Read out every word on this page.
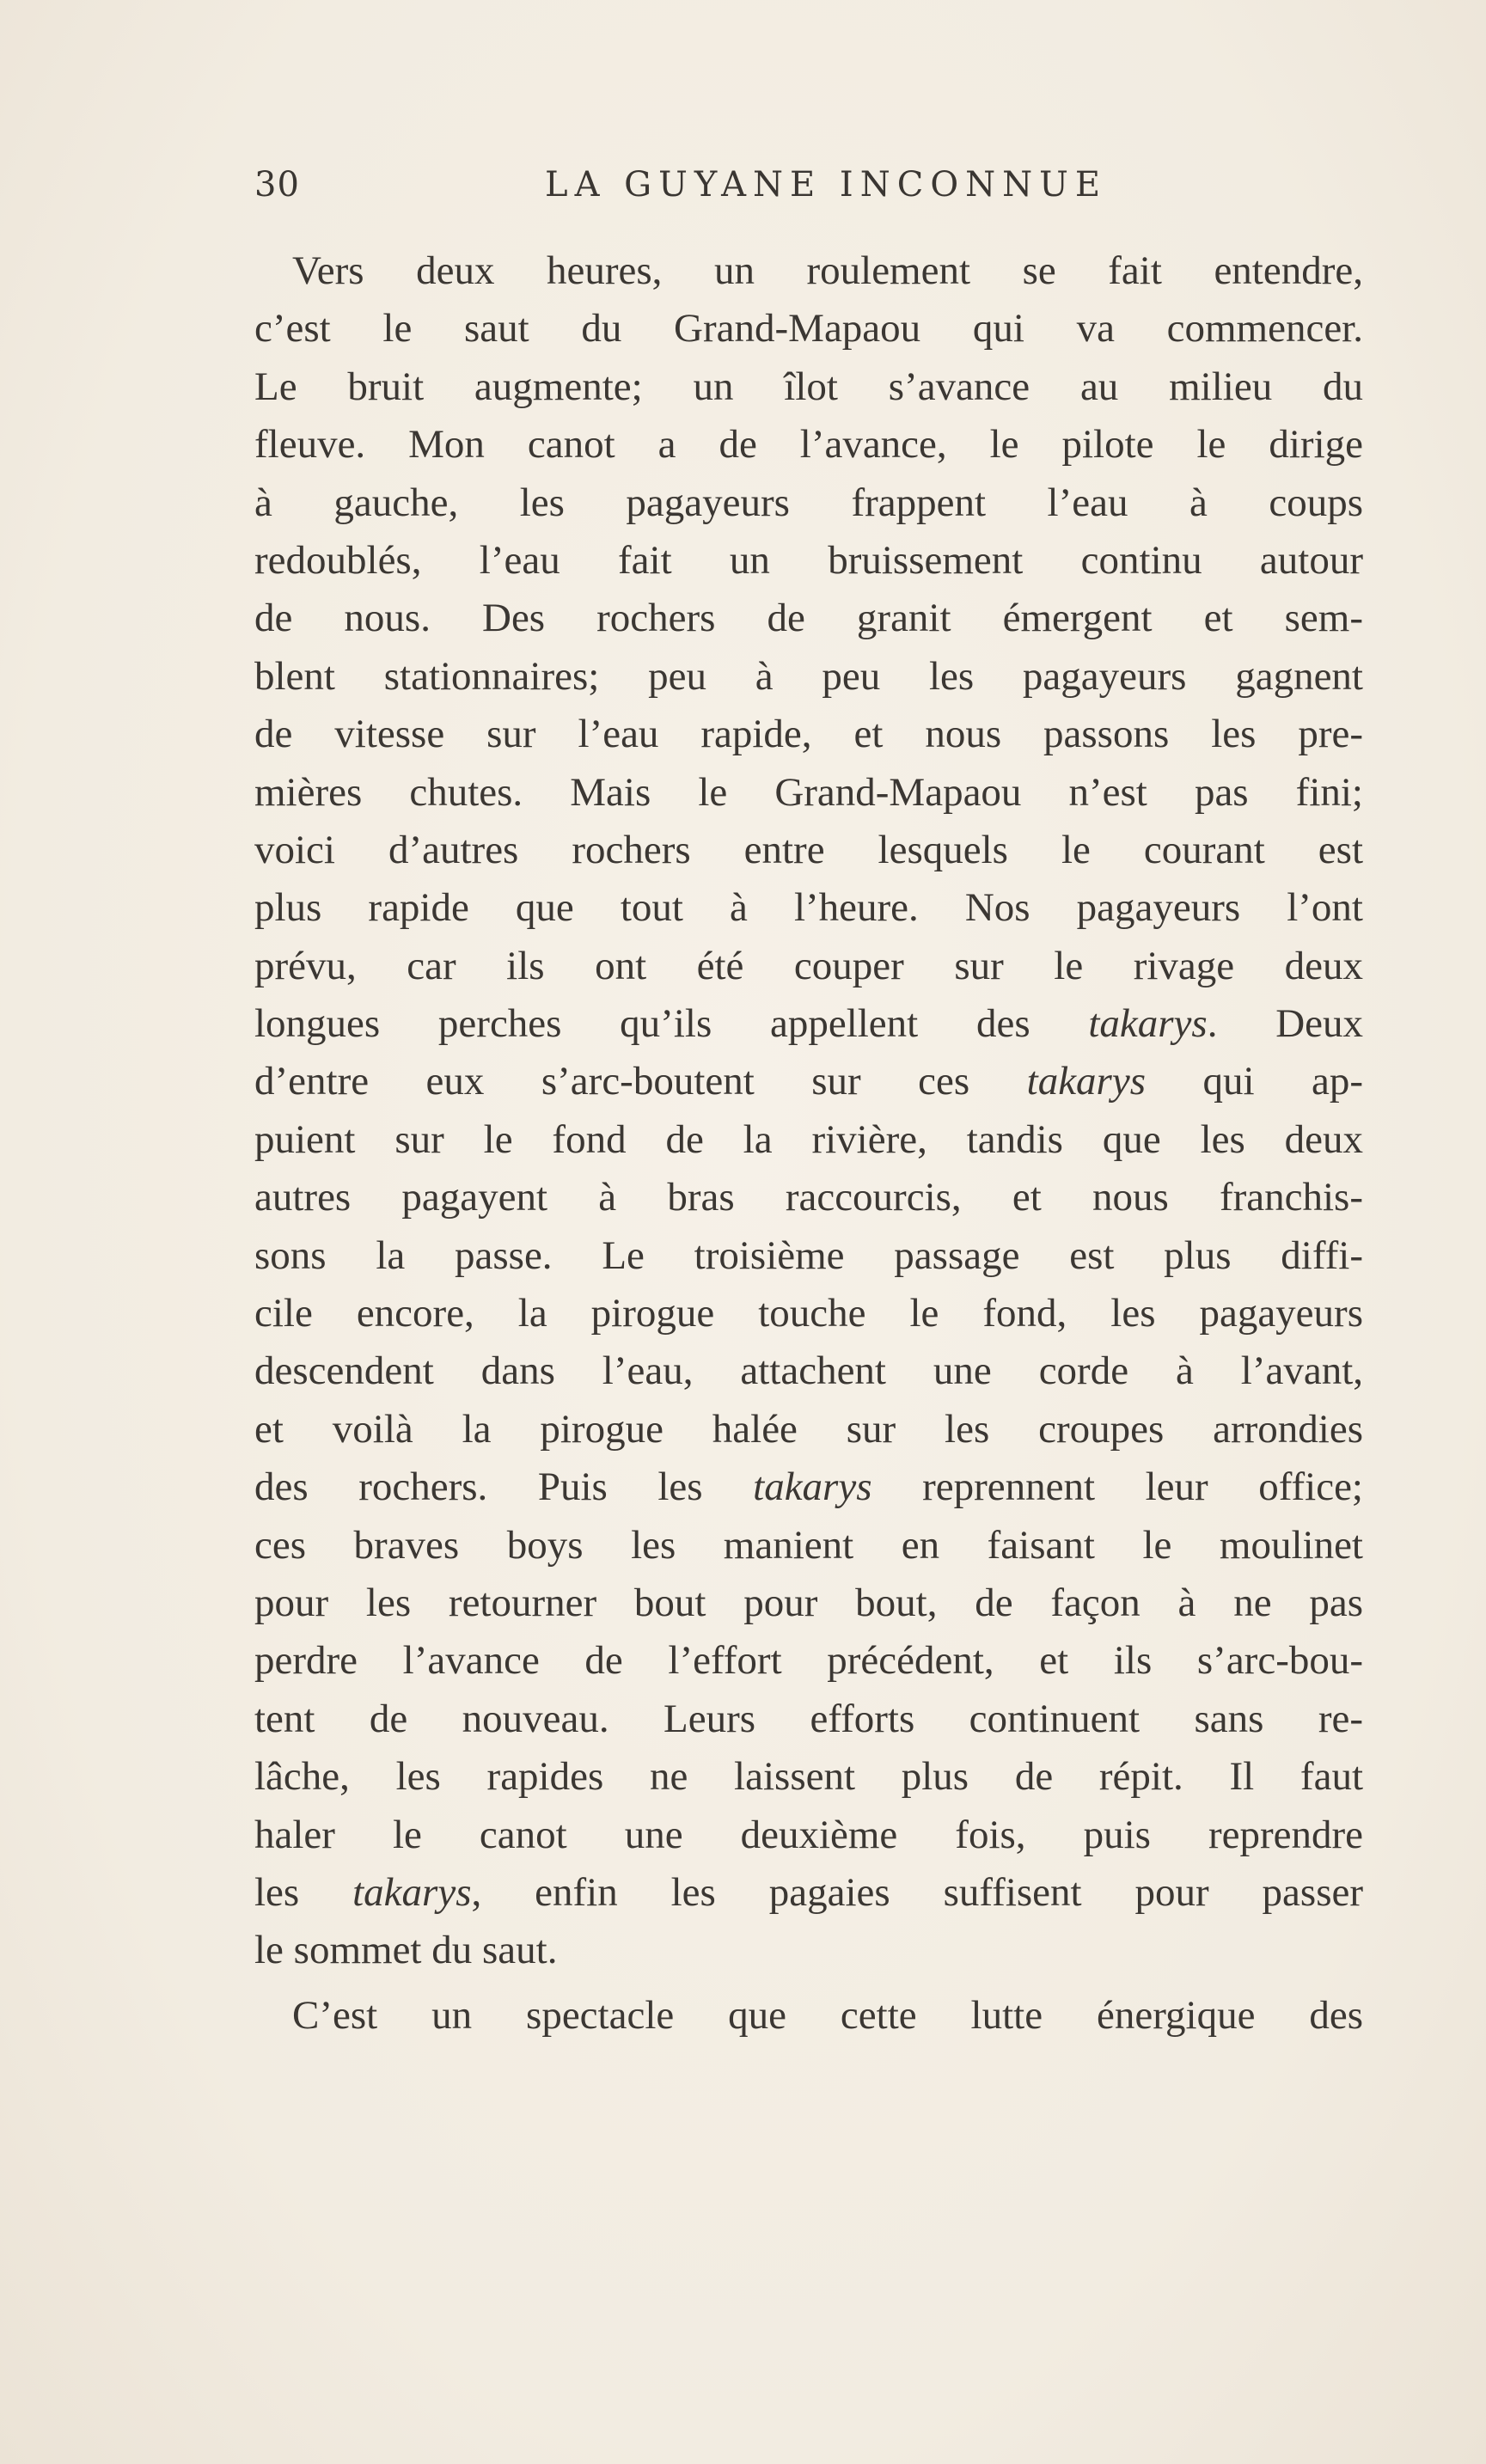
30	LA GUYANE INCONNUE
Vers deux heures, un roulement se fait entendre,
c’est le saut du Grand-Mapaou qui va commencer.
Le bruit augmente; un îlot s’avance au milieu du
fleuve. Mon canot a de l’avance, le pilote le dirige
à gauche, les pagayeurs frappent l’eau à coups
redoublés, l’eau fait un bruissement continu autour
de nous. Des rochers de granit émergent et sem-
blent stationnaires; peu à peu les pagayeurs gagnent
de vitesse sur l’eau rapide, et nous passons les pre-
mières chutes. Mais le Grand-Mapaou n’est pas fini;
voici d’autres rochers entre lesquels le courant est
plus rapide que tout à l’heure. Nos pagayeurs l’ont
prévu, car ils ont été couper sur le rivage deux
longues perches qu’ils appellent des takarys. Deux
d’entre eux s’arc-boutent sur ces takarys qui ap-
puient sur le fond de la rivière, tandis que les deux
autres pagayent à bras raccourcis, et nous franchis-
sons la passe. Le troisième passage est plus diffi-
cile encore, la pirogue touche le fond, les pagayeurs
descendent dans l’eau, attachent une corde à l’avant,
et voilà la pirogue halée sur les croupes arrondies
des rochers. Puis les takarys reprennent leur office;
ces braves boys les manient en faisant le moulinet
pour les retourner bout pour bout, de façon à ne pas
perdre l’avance de l’effort précédent, et ils s’arc-bou-
tent de nouveau. Leurs efforts continuent sans re-
lâche, les rapides ne laissent plus de répit. Il faut
haler le canot une deuxième fois, puis reprendre
les takarys, enfin les pagaies suffisent pour passer
le sommet du saut.
C’est un spectacle que cette lutte énergique des
